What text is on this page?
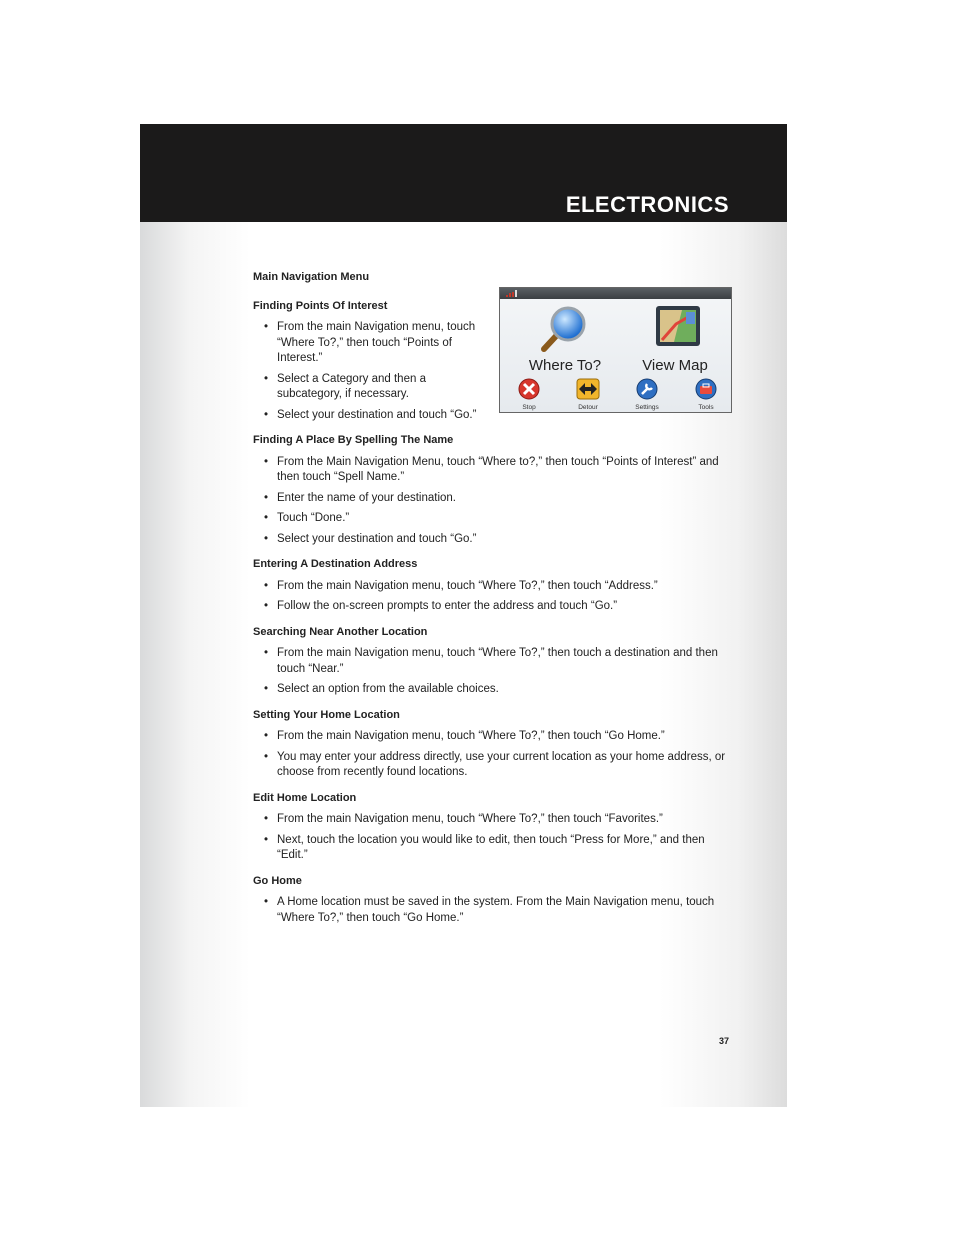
ELECTRONICS
Where To?	View Map
Stop	Detour	Settings	Tools
Main Navigation Menu
Finding Points Of Interest
• From the main Navigation menu, touch “Where To?,” then touch “Points of Interest.”
• Select a Category and then a subcategory, if necessary.
• Select your destination and touch “Go.”
Finding A Place By Spelling The Name
• From the Main Navigation Menu, touch “Where to?,” then touch “Points of Interest” and then touch “Spell Name.”
• Enter the name of your destination.
• Touch “Done.”
• Select your destination and touch “Go.”
Entering A Destination Address
• From the main Navigation menu, touch “Where To?,” then touch “Address.”
• Follow the on-screen prompts to enter the address and touch “Go.”
Searching Near Another Location
• From the main Navigation menu, touch “Where To?,” then touch a destination and then touch “Near.”
• Select an option from the available choices.
Setting Your Home Location
• From the main Navigation menu, touch “Where To?,” then touch “Go Home.”
• You may enter your address directly, use your current location as your home address, or choose from recently found locations.
Edit Home Location
• From the main Navigation menu, touch “Where To?,” then touch “Favorites.”
• Next, touch the location you would like to edit, then touch “Press for More,” and then “Edit.”
Go Home
• A Home location must be saved in the system. From the Main Navigation menu, touch “Where To?,” then touch “Go Home.”
37
